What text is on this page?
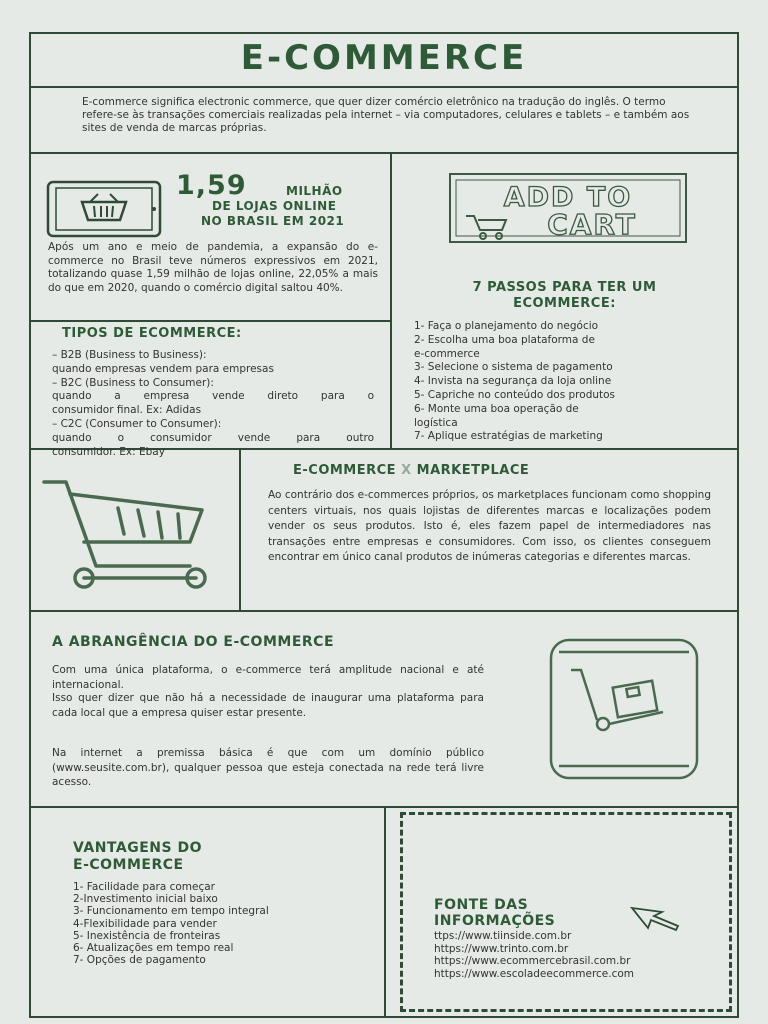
E-COMMERCE
E-commerce significa electronic commerce, que quer dizer comércio eletrônico na tradução do inglês. O termo refere-se às transações comerciais realizadas pela internet – via computadores, celulares e tablets – e também aos sites de venda de marcas próprias.
1,59	MILHÃO
DE LOJAS ONLINE
NO BRASIL EM 2021
Após um ano e meio de pandemia, a expansão do e-commerce no Brasil teve números expressivos em 2021, totalizando quase 1,59 milhão de lojas online, 22,05% a mais do que em 2020, quando o comércio digital saltou 40%.
TIPOS DE ECOMMERCE:
– B2B (Business to Business):
quando empresas vendem para empresas
– B2C (Business to Consumer):
quando a empresa vende direto para o
consumidor final. Ex: Adidas
– C2C (Consumer to Consumer):
quando o consumidor vende para outro
consumidor. Ex: Ebay
ADD TO
CART
7 PASSOS PARA TER UM
ECOMMERCE:
1- Faça o planejamento do negócio
2- Escolha uma boa plataforma de
e-commerce
3- Selecione o sistema de pagamento
4- Invista na segurança da loja online
5- Capriche no conteúdo dos produtos
6- Monte uma boa operação de
logística
7- Aplique estratégias de marketing
E-COMMERCE X MARKETPLACE
Ao contrário dos e-commerces próprios, os marketplaces funcionam como shopping centers virtuais, nos quais lojistas de diferentes marcas e localizações podem vender os seus produtos. Isto é, eles fazem papel de intermediadores nas transações entre empresas e consumidores. Com isso, os clientes conseguem encontrar em único canal produtos de inúmeras categorias e diferentes marcas.
A ABRANGÊNCIA DO E-COMMERCE
Com uma única plataforma, o e-commerce terá amplitude nacional e até internacional.
Isso quer dizer que não há a necessidade de inaugurar uma plataforma para cada local que a empresa quiser estar presente.
Na internet a premissa básica é que com um domínio público (www.seusite.com.br), qualquer pessoa que esteja conectada na rede terá livre acesso.
VANTAGENS DO
E-COMMERCE
1- Facilidade para começar
2-Investimento inicial baixo
3- Funcionamento em tempo integral
4-Flexibilidade para vender
5- Inexistência de fronteiras
6- Atualizações em tempo real
7- Opções de pagamento
FONTE DAS
INFORMAÇÕES
ttps://www.tiinside.com.br
https://www.trinto.com.br
https://www.ecommercebrasil.com.br
https://www.escoladeecommerce.com
